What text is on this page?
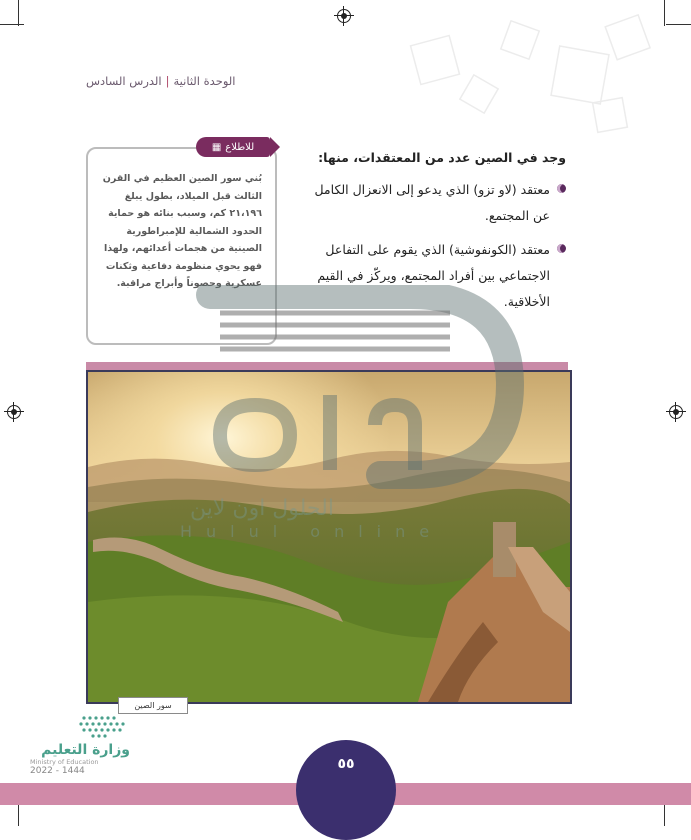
الوحدة الثانية|الدرس السادس

وجد في الصين عدد من المعتقدات، منها:

معتقد (لاو تزو) الذي يدعو إلى الانعزال الكامل عن المجتمع.

معتقد (الكونفوشية) الذي يقوم على التفاعل الاجتماعي بين أفراد المجتمع، ويركّز في القيم الأخلاقية.

للاطلاع
▦
بُني سور الصين العظيم في القرن الثالث قبل الميلاد، بطول يبلغ ٢١،١٩٦ كم، وسبب بنائه هو حماية الحدود الشمالية للإمبراطورية الصينية من هجمات أعدائهم، ولهذا فهو يحوي منظومة دفاعية وثكنات عسكرية وحصوناً وأبراج مراقبة.
سور الصين
الحلول اون لاين
Hulul online
٥٥
وزارة التعليم
Ministry of Education
2022 - 1444
